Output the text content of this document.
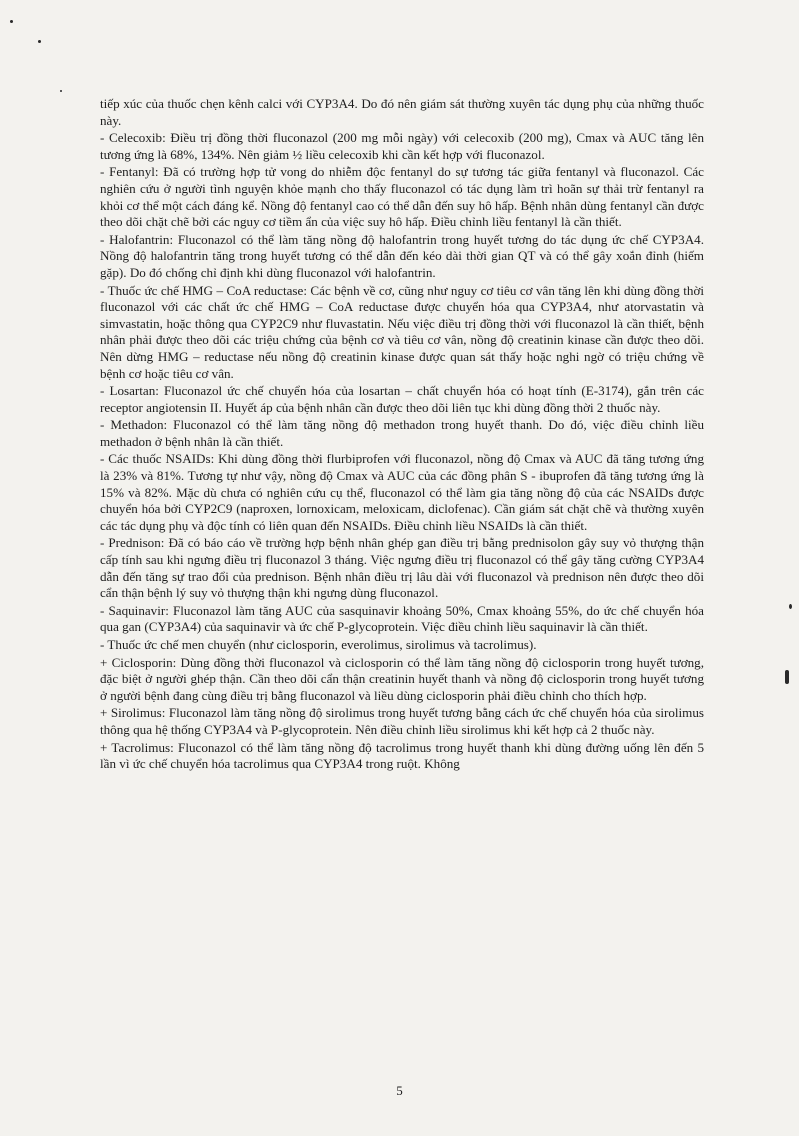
tiếp xúc của thuốc chẹn kênh calci với CYP3A4. Do đó nên giám sát thường xuyên tác dụng phụ của những thuốc này.

- Celecoxib: Điều trị đồng thời fluconazol (200 mg mỗi ngày) với celecoxib (200 mg), Cmax và AUC tăng lên tương ứng là 68%, 134%. Nên giảm ½ liều celecoxib khi cần kết hợp với fluconazol.

- Fentanyl: Đã có trường hợp tử vong do nhiễm độc fentanyl do sự tương tác giữa fentanyl và fluconazol. Các nghiên cứu ở người tình nguyện khỏe mạnh cho thấy fluconazol có tác dụng làm trì hoãn sự thải trừ fentanyl ra khỏi cơ thể một cách đáng kể. Nồng độ fentanyl cao có thể dẫn đến suy hô hấp. Bệnh nhân dùng fentanyl cần được theo dõi chặt chẽ bởi các nguy cơ tiềm ẩn của việc suy hô hấp. Điều chỉnh liều fentanyl là cần thiết.

- Halofantrin: Fluconazol có thể làm tăng nồng độ halofantrin trong huyết tương do tác dụng ức chế CYP3A4. Nồng độ halofantrin tăng trong huyết tương có thể dẫn đến kéo dài thời gian QT và có thể gây xoắn đỉnh (hiếm gặp). Do đó chống chỉ định khi dùng fluconazol với halofantrin.

- Thuốc ức chế HMG – CoA reductase: Các bệnh về cơ, cũng như nguy cơ tiêu cơ vân tăng lên khi dùng đồng thời fluconazol với các chất ức chế HMG – CoA reductase được chuyển hóa qua CYP3A4, như atorvastatin và simvastatin, hoặc thông qua CYP2C9 như fluvastatin. Nếu việc điều trị đồng thời với fluconazol là cần thiết, bệnh nhân phải được theo dõi các triệu chứng của bệnh cơ và tiêu cơ vân, nồng độ creatinin kinase cần được theo dõi. Nên dừng HMG – reductase nếu nồng độ creatinin kinase được quan sát thấy hoặc nghi ngờ có triệu chứng về bệnh cơ hoặc tiêu cơ vân.

- Losartan: Fluconazol ức chế chuyển hóa của losartan – chất chuyển hóa có hoạt tính (E-3174), gắn trên các receptor angiotensin II. Huyết áp của bệnh nhân cần được theo dõi liên tục khi dùng đồng thời 2 thuốc này.

- Methadon: Fluconazol có thể làm tăng nồng độ methadon trong huyết thanh. Do đó, việc điều chỉnh liều methadon ở bệnh nhân là cần thiết.

- Các thuốc NSAIDs: Khi dùng đồng thời flurbiprofen với fluconazol, nồng độ Cmax và AUC đã tăng tương ứng là 23% và 81%. Tương tự như vậy, nồng độ Cmax và AUC của các đồng phân S - ibuprofen đã tăng tương ứng là 15% và 82%. Mặc dù chưa có nghiên cứu cụ thể, fluconazol có thể làm gia tăng nồng độ của các NSAIDs được chuyển hóa bởi CYP2C9 (naproxen, lornoxicam, meloxicam, diclofenac). Cần giám sát chặt chẽ và thường xuyên các tác dụng phụ và độc tính có liên quan đến NSAIDs. Điều chỉnh liều NSAIDs là cần thiết.

- Prednison: Đã có báo cáo về trường hợp bệnh nhân ghép gan điều trị bằng prednisolon gây suy vỏ thượng thận cấp tính sau khi ngưng điều trị fluconazol 3 tháng. Việc ngưng điều trị fluconazol có thể gây tăng cường CYP3A4 dẫn đến tăng sự trao đổi của prednison. Bệnh nhân điều trị lâu dài với fluconazol và prednison nên được theo dõi cẩn thận bệnh lý suy vỏ thượng thận khi ngưng dùng fluconazol.

- Saquinavir: Fluconazol làm tăng AUC của sasquinavir khoảng 50%, Cmax khoảng 55%, do ức chế chuyển hóa qua gan (CYP3A4) của saquinavir và ức chế P-glycoprotein. Việc điều chỉnh liều saquinavir là cần thiết.

- Thuốc ức chế men chuyển (như ciclosporin, everolimus, sirolimus và tacrolimus).

+ Ciclosporin: Dùng đồng thời fluconazol và ciclosporin có thể làm tăng nồng độ ciclosporin trong huyết tương, đặc biệt ở người ghép thận. Cần theo dõi cẩn thận creatinin huyết thanh và nồng độ ciclosporin trong huyết tương ở người bệnh đang cùng điều trị bằng fluconazol và liều dùng ciclosporin phải điều chỉnh cho thích hợp.

+ Sirolimus: Fluconazol làm tăng nồng độ sirolimus trong huyết tương bằng cách ức chế chuyển hóa của sirolimus thông qua hệ thống CYP3A4 và P-glycoprotein. Nên điều chỉnh liều sirolimus khi kết hợp cả 2 thuốc này.

+ Tacrolimus: Fluconazol có thể làm tăng nồng độ tacrolimus trong huyết thanh khi dùng đường uống lên đến 5 lần vì ức chế chuyển hóa tacrolimus qua CYP3A4 trong ruột. Không

5
